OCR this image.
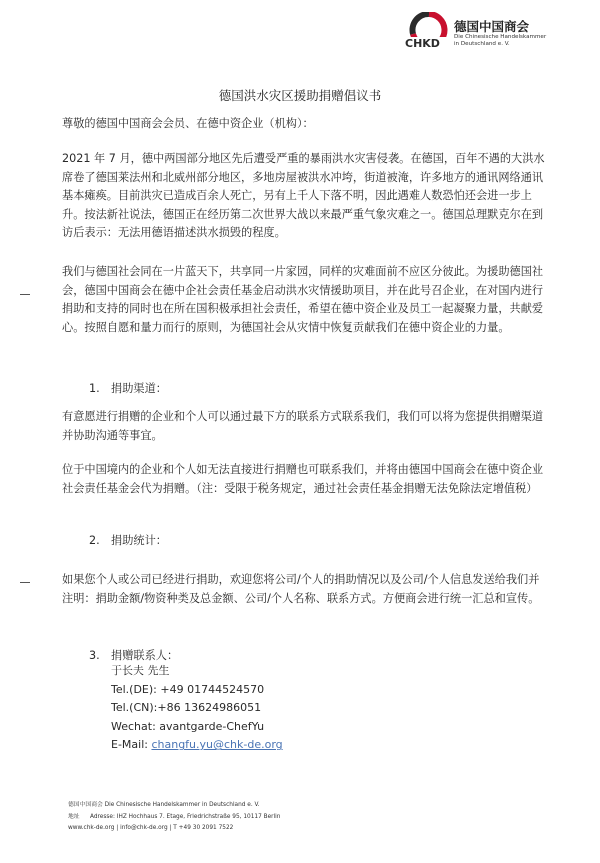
CHKD
德国中国商会
Die Chinesische Handelskammer
in Deutschland e. V.
德国洪水灾区援助捐赠倡议书
尊敬的德国中国商会会员、在德中资企业（机构）：
2021 年 7 月，德中两国部分地区先后遭受严重的暴雨洪水灾害侵袭。在德国，百年不遇的大洪水席卷了德国莱法州和北威州部分地区，多地房屋被洪水冲垮，街道被淹，许多地方的通讯网络通讯基本瘫痪。目前洪灾已造成百余人死亡，另有上千人下落不明，因此遇难人数恐怕还会进一步上升。按法新社说法，德国正在经历第二次世界大战以来最严重气象灾难之一。德国总理默克尔在到访后表示：无法用德语描述洪水损毁的程度。
我们与德国社会同在一片蓝天下，共享同一片家园，同样的灾难面前不应区分彼此。为援助德国社会，德国中国商会在德中企社会责任基金启动洪水灾情援助项目，并在此号召企业，在对国内进行捐助和支持的同时也在所在国积极承担社会责任，希望在德中资企业及员工一起凝聚力量，共献爱心。按照自愿和量力而行的原则，为德国社会从灾情中恢复贡献我们在德中资企业的力量。
1. 捐助渠道：
有意愿进行捐赠的企业和个人可以通过最下方的联系方式联系我们，我们可以将为您提供捐赠渠道并协助沟通等事宜。
位于中国境内的企业和个人如无法直接进行捐赠也可联系我们，并将由德国中国商会在德中资企业社会责任基金会代为捐赠。（注：受限于税务规定，通过社会责任基金捐赠无法免除法定增值税）
2. 捐助统计：
如果您个人或公司已经进行捐助，欢迎您将公司/个人的捐助情况以及公司/个人信息发送给我们并注明：捐助金额/物资种类及总金额、公司/个人名称、联系方式。方便商会进行统一汇总和宣传。
3. 捐赠联系人：
于长夫 先生
Tel.(DE): +49 01744524570
Tel.(CN):+86 13624986051
Wechat: avantgarde-ChefYu
E-Mail: changfu.yu@chk-de.org
德国中国商会 Die Chinesische Handelskammer in Deutschland e. V.
地址 Adresse: IHZ Hochhaus 7. Etage, Friedrichstraße 95, 10117 Berlin
www.chk-de.org | info@chk-de.org | T +49 30 2091 7522
